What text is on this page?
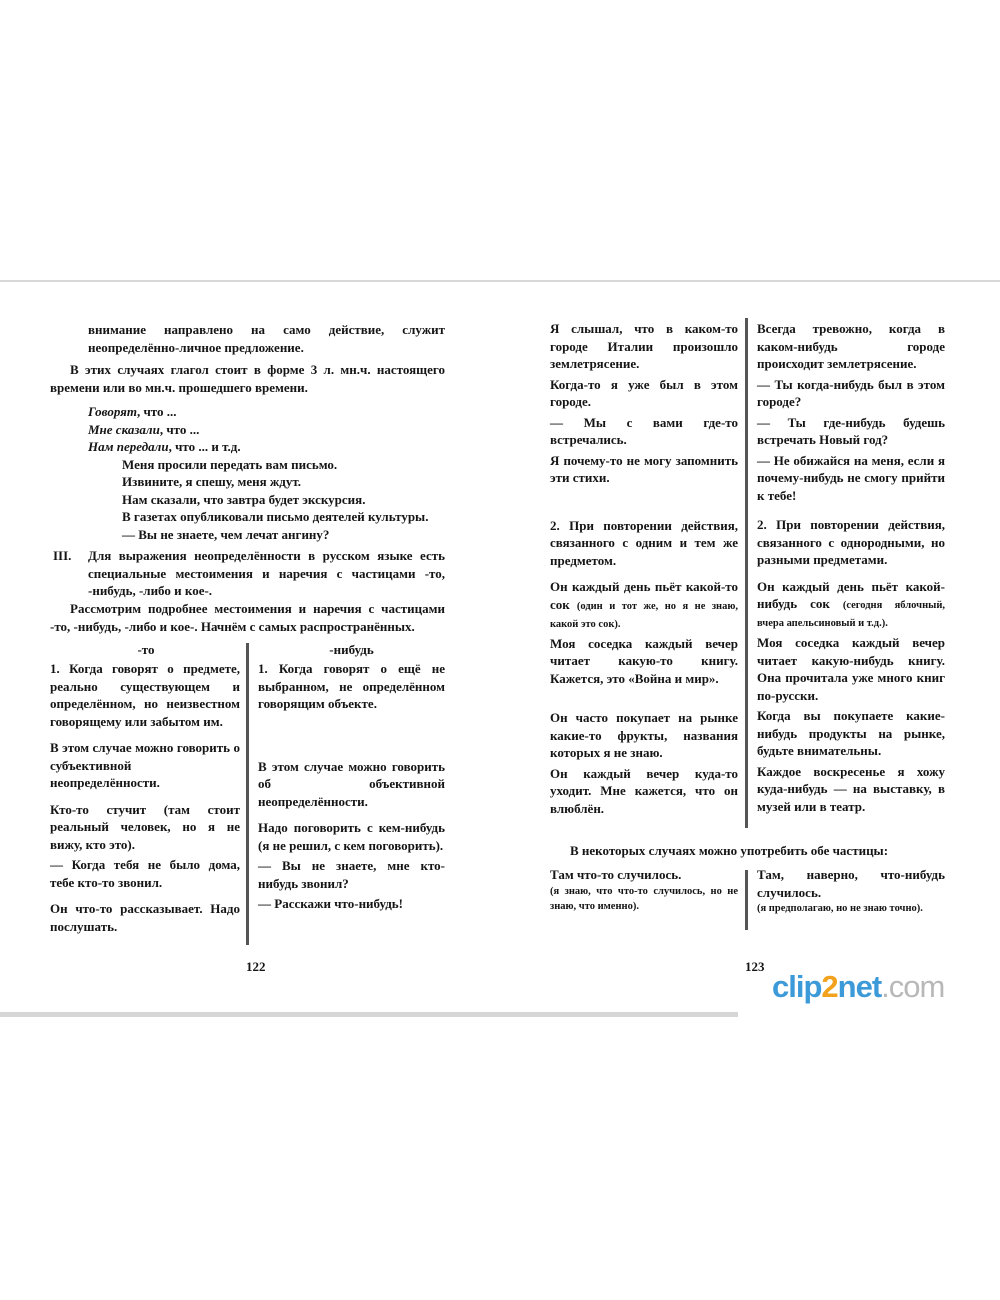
внимание направлено на само действие, служит неопределённо-личное предложение.
В этих случаях глагол стоит в форме 3 л. мн.ч. настоящего времени или во мн.ч. прошедшего времени.

Говорят, что ...

Мне сказали, что ...

Нам передали, что ... и т.д.

Меня просили передать вам письмо.

Извините, я спешу, меня ждут.

Нам сказали, что завтра будет экскурсия.

В газетах опубликовали письмо деятелей культуры.

— Вы не знаете, чем лечат ангину?

III.	Для выражения неопределённости в русском языке есть специальные местоимения и наречия с частицами -то, -нибудь, -либо и кое-.
Рассмотрим подробнее местоимения и наречия с частицами -то, -нибудь, -либо и кое-. Начнём с самых распространённых.
-то	-нибудь

1. Когда говорят о предмете, реально существующем и определённом, но неизвестном говорящему или забытом им.

В этом случае можно говорить о субъективной неопределённости.

Кто-то стучит (там стоит реальный человек, но я не вижу, кто это).

— Когда тебя не было дома, тебе кто-то звонил.

Он что-то рассказывает. Надо послушать.

1. Когда говорят о ещё не выбранном, не определённом говорящим объекте.

В этом случае можно говорить об объективной неопределённости.

Надо поговорить с кем-нибудь (я не решил, с кем поговорить).

— Вы не знаете, мне кто-нибудь звонил?

— Расскажи что-нибудь!

122

Я слышал, что в каком-то городе Италии произошло землетрясение.

Когда-то я уже был в этом городе.

— Мы с вами где-то встречались.

Я почему-то не могу запомнить эти стихи.

2. При повторении действия, связанного с одним и тем же предметом.

Он каждый день пьёт какой-то сок (один и тот же, но я не знаю, какой это сок).

Моя соседка каждый вечер читает какую-то книгу. Кажется, это «Война и мир».

Он часто покупает на рынке какие-то фрукты, названия которых я не знаю.

Он каждый вечер куда-то уходит. Мне кажется, что он влюблён.

Всегда тревожно, когда в каком-нибудь городе происходит землетрясение.

— Ты когда-нибудь был в этом городе?

— Ты где-нибудь будешь встречать Новый год?

— Не обижайся на меня, если я почему-нибудь не смогу прийти к тебе!

2. При повторении действия, связанного с однородными, но разными предметами.

Он каждый день пьёт какой-нибудь сок (сегодня яблочный, вчера апельсиновый и т.д.).

Моя соседка каждый вечер читает какую-нибудь книгу. Она прочитала уже много книг по-русски.

Когда вы покупаете какие-нибудь продукты на рынке, будьте внимательны.

Каждое воскресенье я хожу куда-нибудь — на выставку, в музей или в театр.

В некоторых случаях можно употребить обе частицы:

Там что-то случилось.

(я знаю, что что-то случилось, но не знаю, что именно).

Там, наверно, что-нибудь случилось.

(я предполагаю, но не знаю точно).

123
clip2net.com
